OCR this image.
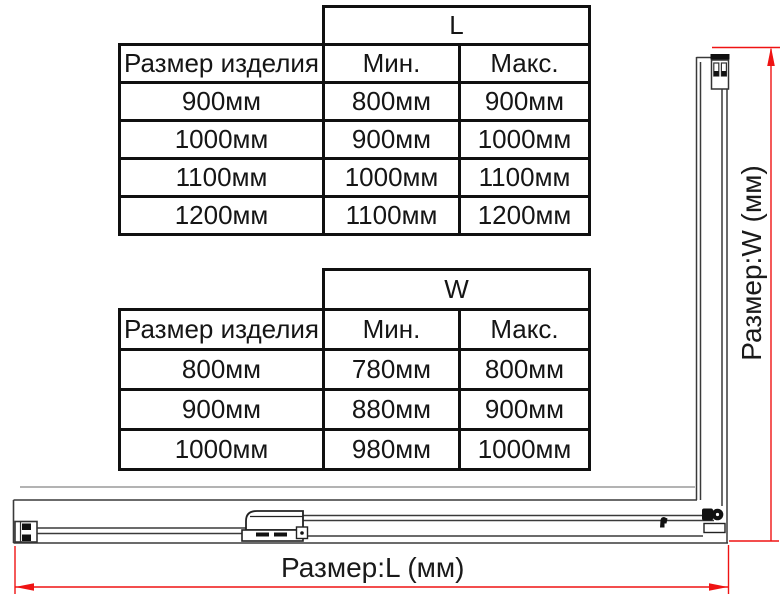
	L	
Размер изделия	Мин.	Макс.
900мм	800мм	900мм
1000мм	900мм	1000мм
1100мм	1000мм	1100мм
1200мм	1100мм	1200мм
	W	
Размер изделия	Мин.	Макс.
800мм	780мм	800мм
900мм	880мм	900мм
1000мм	980мм	1000мм
Размер:L (мм)
Размер:W (мм)
